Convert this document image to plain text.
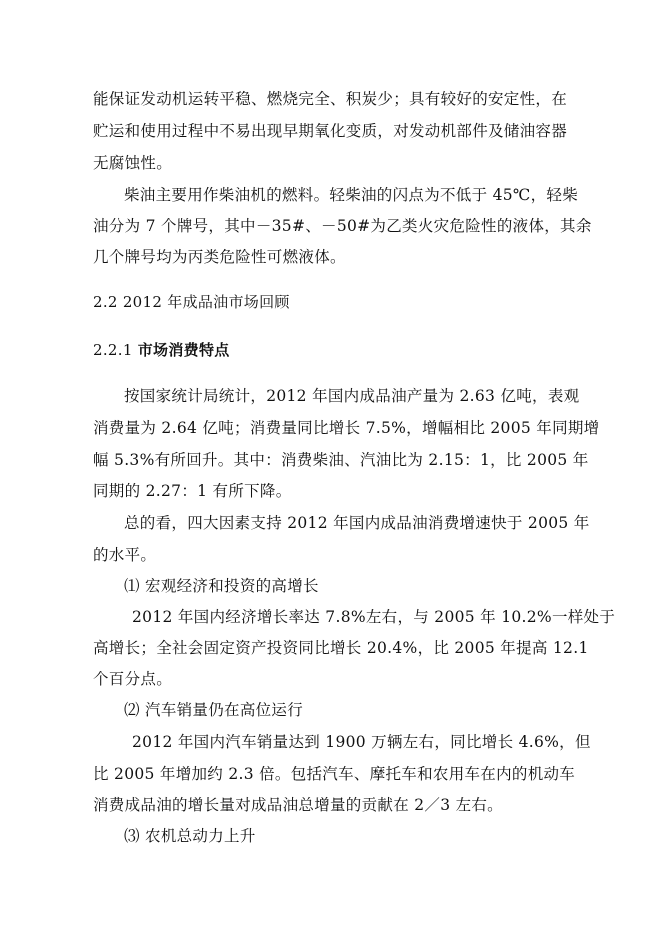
能保证发动机运转平稳、燃烧完全、积炭少；具有较好的安定性，在
贮运和使用过程中不易出现早期氧化变质，对发动机部件及储油容器
无腐蚀性。
柴油主要用作柴油机的燃料。轻柴油的闪点为不低于 45℃，轻柴
油分为 7 个牌号，其中－35#、－50#为乙类火灾危险性的液体，其余
几个牌号均为丙类危险性可燃液体。
2.2 2012 年成品油市场回顾
2.2.1 市场消费特点
按国家统计局统计，2012 年国内成品油产量为 2.63 亿吨，表观
消费量为 2.64 亿吨；消费量同比增长 7.5%，增幅相比 2005 年同期增
幅 5.3%有所回升。其中：消费柴油、汽油比为 2.15：1，比 2005 年
同期的 2.27：1 有所下降。
总的看，四大因素支持 2012 年国内成品油消费增速快于 2005 年
的水平。
⑴ 宏观经济和投资的高增长
2012 年国内经济增长率达 7.8%左右，与 2005 年 10.2%一样处于
高增长；全社会固定资产投资同比增长 20.4%，比 2005 年提高 12.1
个百分点。
⑵ 汽车销量仍在高位运行
2012 年国内汽车销量达到 1900 万辆左右，同比增长 4.6%，但
比 2005 年增加约 2.3 倍。包括汽车、摩托车和农用车在内的机动车
消费成品油的增长量对成品油总增量的贡献在 2／3 左右。
⑶ 农机总动力上升
